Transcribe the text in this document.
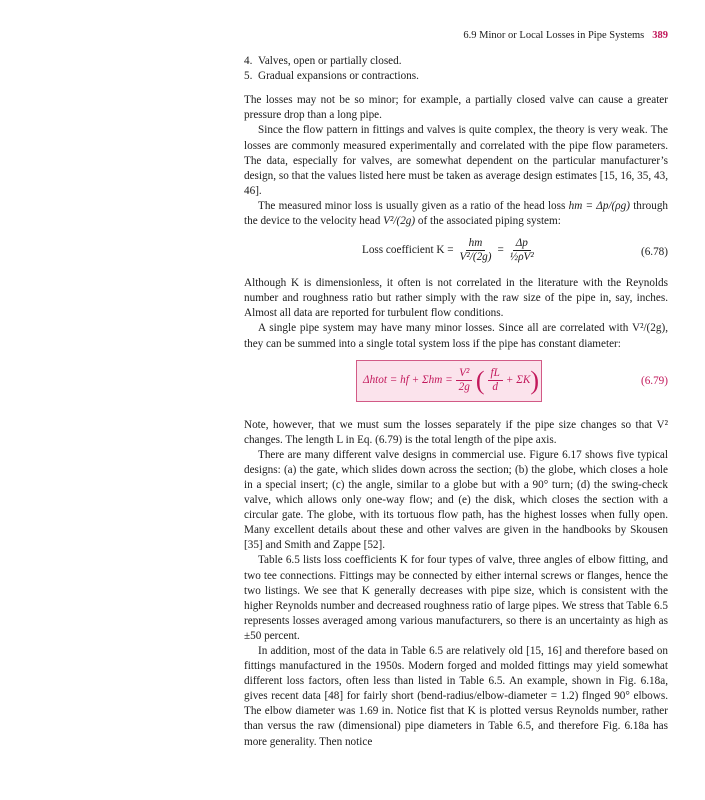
6.9 Minor or Local Losses in Pipe Systems 389
4. Valves, open or partially closed.
5. Gradual expansions or contractions.

The losses may not be so minor; for example, a partially closed valve can cause a greater pressure drop than a long pipe.

Since the flow pattern in fittings and valves is quite complex, the theory is very weak. The losses are commonly measured experimentally and correlated with the pipe flow parameters. The data, especially for valves, are somewhat dependent on the particular manufacturer’s design, so that the values listed here must be taken as average design estimates [15, 16, 35, 43, 46].

The measured minor loss is usually given as a ratio of the head loss hm = Δp/(ρg) through the device to the velocity head V²/(2g) of the associated piping system:

Loss coefficient $K = \frac{hm}{\text{V²/(2g)}} = \frac{\Delta p}{\text{½ρV²}}$	(6.78)

Although K is dimensionless, it often is not correlated in the literature with the Reynolds number and roughness ratio but rather simply with the raw size of the pipe in, say, inches. Almost all data are reported for turbulent flow conditions.

A single pipe system may have many minor losses. Since all are correlated with V²/(2g), they can be summed into a single total system loss if the pipe has constant diameter:

Δhtot = hf + $\Sigma hm = \frac{\text{V²}}{2g}$ ( $\frac{fL}{d} + \Sigma K$ )	(6.79)

Note, however, that we must sum the losses separately if the pipe size changes so that V² changes. The length L in Eq. (6.79) is the total length of the pipe axis.

There are many different valve designs in commercial use. Figure 6.17 shows five typical designs: (a) the gate, which slides down across the section; (b) the globe, which closes a hole in a special insert; (c) the angle, similar to a globe but with a 90° turn; (d) the swing-check valve, which allows only one-way flow; and (e) the disk, which closes the section with a circular gate. The globe, with its tortuous flow path, has the highest losses when fully open. Many excellent details about these and other valves are given in the handbooks by Skousen [35] and Smith and Zappe [52].

Table 6.5 lists loss coefficients K for four types of valve, three angles of elbow fitting, and two tee connections. Fittings may be connected by either internal screws or flanges, hence the two listings. We see that K generally decreases with pipe size, which is consistent with the higher Reynolds number and decreased roughness ratio of large pipes. We stress that Table 6.5 represents losses averaged among various manufacturers, so there is an uncertainty as high as ±50 percent.

In addition, most of the data in Table 6.5 are relatively old [15, 16] and therefore based on fittings manufactured in the 1950s. Modern forged and molded fittings may yield somewhat different loss factors, often less than listed in Table 6.5. An example, shown in Fig. 6.18a, gives recent data [48] for fairly short (bend-radius/elbow-diameter = 1.2) flnged 90° elbows. The elbow diameter was 1.69 in. Notice fist that K is plotted versus Reynolds number, rather than versus the raw (dimensional) pipe diameters in Table 6.5, and therefore Fig. 6.18a has more generality. Then notice
